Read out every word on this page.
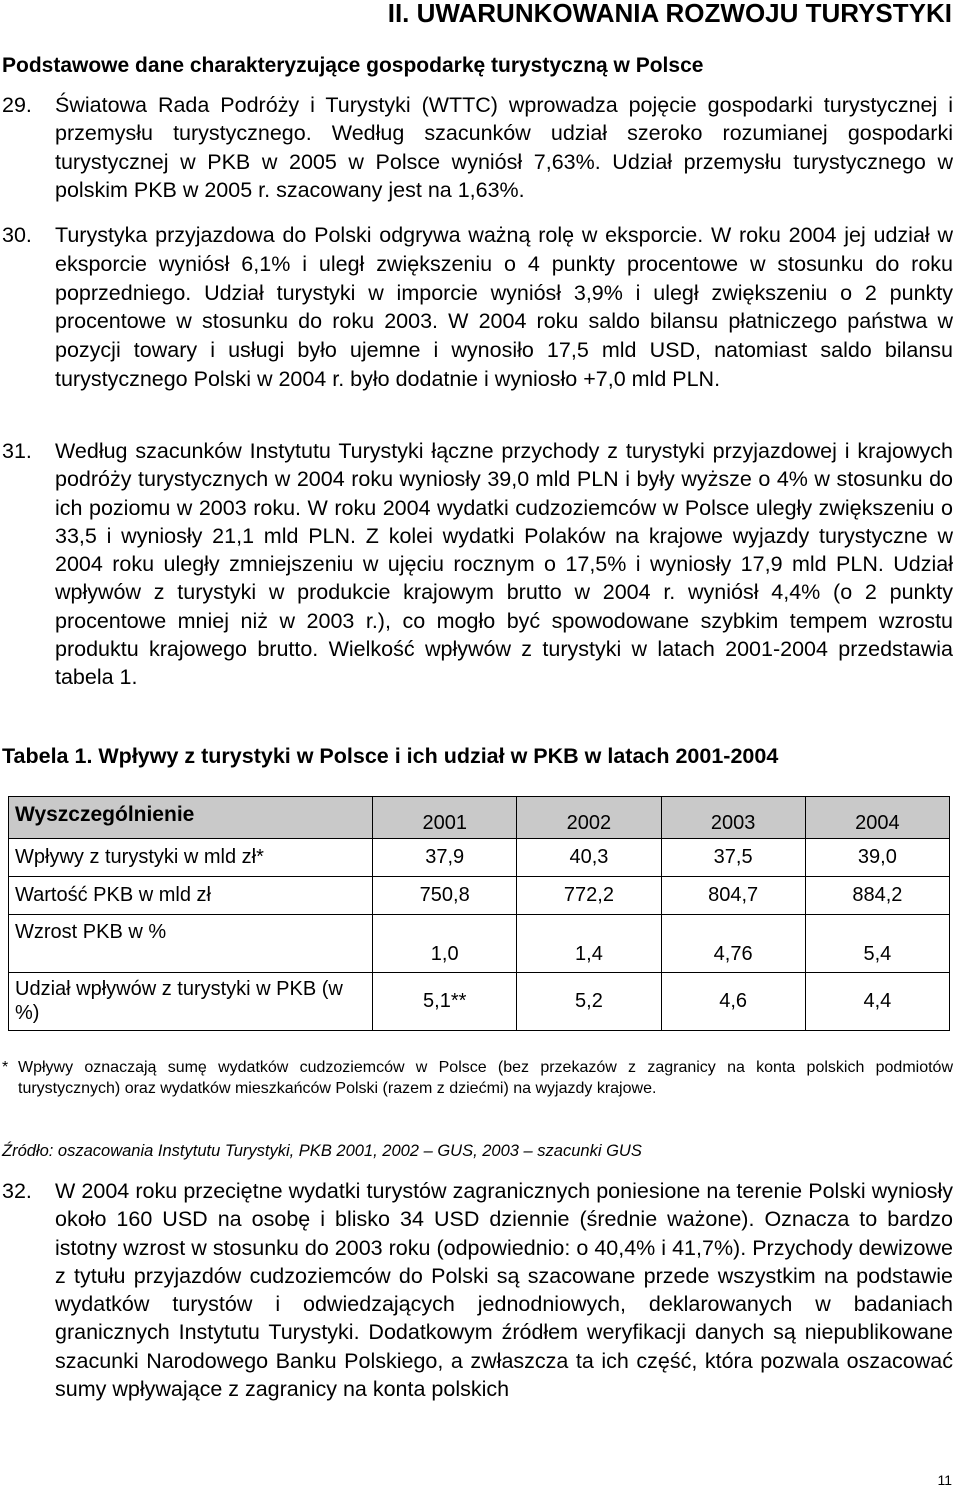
II. UWARUNKOWANIA ROZWOJU TURYSTYKI

Podstawowe dane charakteryzujące gospodarkę turystyczną w Polsce

29. Światowa Rada Podróży i Turystyki (WTTC) wprowadza pojęcie gospodarki turystycznej i przemysłu turystycznego. Według szacunków udział szeroko rozumianej gospodarki turystycznej w PKB w 2005 w Polsce wyniósł 7,63%. Udział przemysłu turystycznego w polskim PKB w 2005 r. szacowany jest na 1,63%.
30. Turystyka przyjazdowa do Polski odgrywa ważną rolę w eksporcie. W roku 2004 jej udział w eksporcie wyniósł 6,1% i uległ zwiększeniu o 4 punkty procentowe w stosunku do roku poprzedniego. Udział turystyki w imporcie wyniósł 3,9% i uległ zwiększeniu o 2 punkty procentowe w stosunku do roku 2003. W 2004 roku saldo bilansu płatniczego państwa w pozycji towary i usługi było ujemne i wynosiło 17,5 mld USD, natomiast saldo bilansu turystycznego Polski w 2004 r. było dodatnie i wyniosło +7,0 mld PLN.
31. Według szacunków Instytutu Turystyki łączne przychody z turystyki przyjazdowej i krajowych podróży turystycznych w 2004 roku wyniosły 39,0 mld PLN i były wyższe o 4% w stosunku do ich poziomu w 2003 roku. W roku 2004 wydatki cudzoziemców w Polsce uległy zwiększeniu o 33,5 i wyniosły 21,1 mld PLN. Z kolei wydatki Polaków na krajowe wyjazdy turystyczne w 2004 roku uległy zmniejszeniu w ujęciu rocznym o 17,5% i wyniosły 17,9 mld PLN. Udział wpływów z turystyki w produkcie krajowym brutto w 2004 r. wyniósł 4,4% (o 2 punkty procentowe mniej niż w 2003 r.), co mogło być spowodowane szybkim tempem wzrostu produktu krajowego brutto. Wielkość wpływów z turystyki w latach 2001-2004 przedstawia tabela 1.

Tabela 1. Wpływy z turystyki w Polsce i ich udział w PKB w latach 2001-2004

Wyszczególnienie	2001	2002	2003	2004
Wpływy z turystyki w mld zł*	37,9	40,3	37,5	39,0
Wartość PKB w mld zł	750,8	772,2	804,7	884,2
Wzrost PKB w %	1,0	1,4	4,76	5,4
Udział wpływów z turystyki w PKB (w %)	5,1**	5,2	4,6	4,4
* Wpływy oznaczają sumę wydatków cudzoziemców w Polsce (bez przekazów z zagranicy na konta polskich podmiotów turystycznych) oraz wydatków mieszkańców Polski (razem z dziećmi) na wyjazdy krajowe.

Źródło: oszacowania Instytutu Turystyki, PKB 2001, 2002 – GUS, 2003 – szacunki GUS

32. W 2004 roku przeciętne wydatki turystów zagranicznych poniesione na terenie Polski wyniosły około 160 USD na osobę i blisko 34 USD dziennie (średnie ważone). Oznacza to bardzo istotny wzrost w stosunku do 2003 roku (odpowiednio: o 40,4% i 41,7%). Przychody dewizowe z tytułu przyjazdów cudzoziemców do Polski są szacowane przede wszystkim na podstawie wydatków turystów i odwiedzających jednodniowych, deklarowanych w badaniach granicznych Instytutu Turystyki. Dodatkowym źródłem weryfikacji danych są niepublikowane szacunki Narodowego Banku Polskiego, a zwłaszcza ta ich część, która pozwala oszacować sumy wpływające z zagranicy na konta polskich

11
